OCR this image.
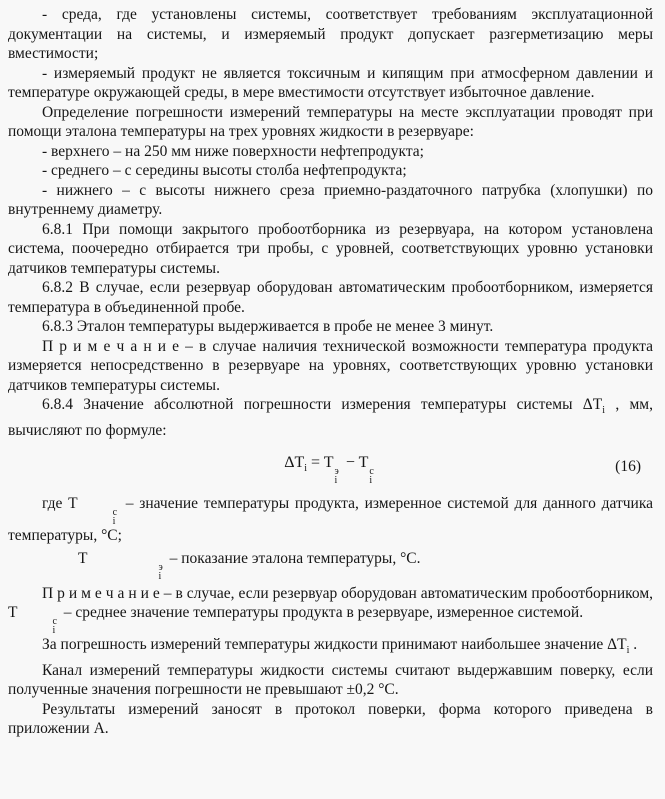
- среда, где установлены системы, соответствует требованиям эксплуатационной документации на системы, и измеряемый продукт допускает разгерметизацию меры вместимости;

- измеряемый продукт не является токсичным и кипящим при атмосферном давлении и температуре окружающей среды, в мере вместимости отсутствует избыточное давление.

Определение погрешности измерений температуры на месте эксплуатации проводят при помощи эталона температуры на трех уровнях жидкости в резервуаре:

- верхнего – на 250 мм ниже поверхности нефтепродукта;

- среднего – с середины высоты столба нефтепродукта;

- нижнего – с высоты нижнего среза приемно-раздаточного патрубка (хлопушки) по внутреннему диаметру.

6.8.1 При помощи закрытого пробоотборника из резервуара, на котором установлена система, поочередно отбирается три пробы, с уровней, соответствующих уровню установки датчиков температуры системы.

6.8.2 В случае, если резервуар оборудован автоматическим пробоотборником, измеряется температура в объединенной пробе.

6.8.3 Эталон температуры выдерживается в пробе не менее 3 минут.

П р и м е ч а н и е – в случае наличия технической возможности температура продукта измеряется непосредственно в резервуаре на уровнях, соответствующих уровню установки датчиков температуры системы.

6.8.4 Значение абсолютной погрешности измерения температуры системы $\Delta T_i$ , мм, вычисляют по формуле:

$\Delta T_i = T$
э
i
− T
с
i
(16)

где T
с
i
– значение температуры продукта, измеренное системой для данного датчика температуры, °С;

T
э
i
– показание эталона температуры, °С.

П р и м е ч а н и е – в случае, если резервуар оборудован автоматическим пробоотборником, T
с
i
– среднее значение температуры продукта в резервуаре, измеренное системой.

За погрешность измерений температуры жидкости принимают наибольшее значение $\Delta T_i$ .

Канал измерений температуры жидкости системы считают выдержавшим поверку, если полученные значения погрешности не превышают ±0,2 °С.

Результаты измерений заносят в протокол поверки, форма которого приведена в приложении А.
